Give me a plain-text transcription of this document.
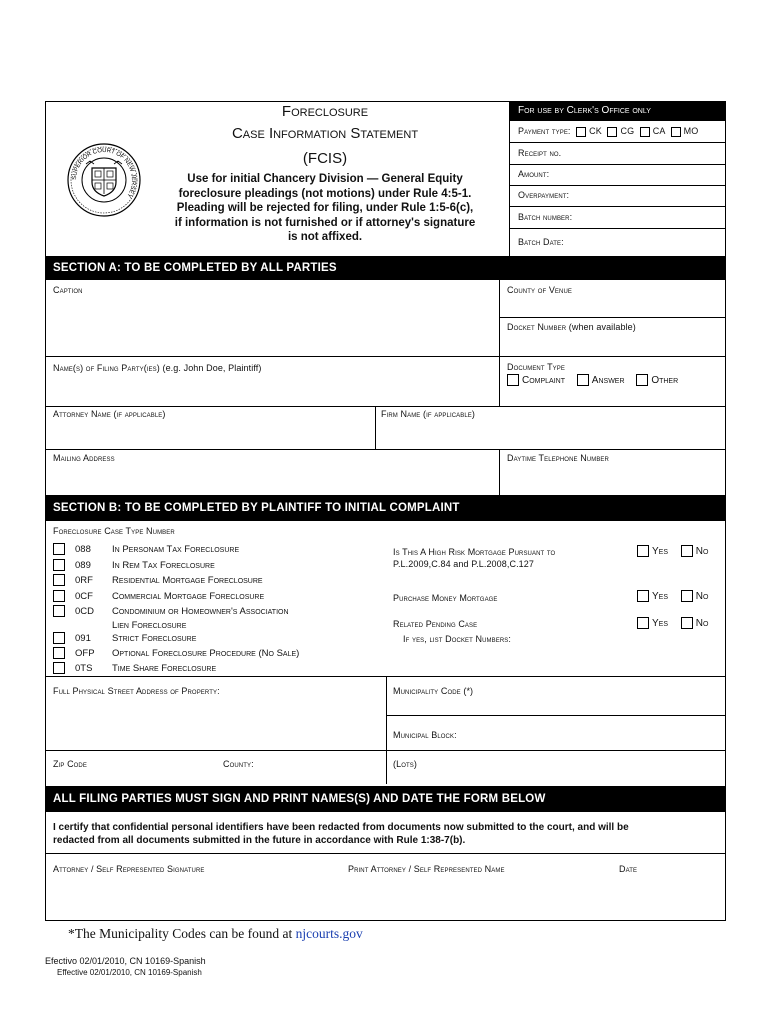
SUPERIOR COURT OF NEW JERSEY
Foreclosure
Case Information Statement
(FCIS)
Use for initial Chancery Division — General Equity
foreclosure pleadings (not motions) under Rule 4:5-1.
Pleading will be rejected for filing, under Rule 1:5-6(c),
if information is not furnished or if attorney's signature
is not affixed.
For use by Clerk's Office only
Payment type: CK CG CA MO
Receipt no.
Amount:
Overpayment:
Batch number:
Batch Date:
SECTION A: TO BE COMPLETED BY ALL PARTIES
Caption	County of Venue
Docket Number (when available)
Name(s) of Filing Party(ies) (e.g. John Doe, Plaintiff)	Document Type
Complaint	Answer	Other
Attorney Name (if applicable)	Firm Name (if applicable)
Mailing Address	Daytime Telephone Number
SECTION B: TO BE COMPLETED BY PLAINTIFF TO INITIAL COMPLAINT
Foreclosure Case Type Number
088	In Personam Tax Foreclosure
089	In Rem Tax Foreclosure
0RF	Residential Mortgage Foreclosure
0CF	Commercial Mortgage Foreclosure
0CD	Condominium or Homeowner's Association
Lien Foreclosure
091	Strict Foreclosure
OFP	Optional Foreclosure Procedure (No Sale)
0TS	Time Share Foreclosure
Is This A High Risk Mortgage Pursuant to
P.L.2009,C.84 and P.L.2008,C.127
Yes	No
Purchase Money Mortgage	Yes	No
Related Pending Case	Yes	No
If yes, list Docket Numbers:
Full Physical Street Address of Property:	Municipality Code (*)
Municipal Block:
Zip Code	County:	(Lots)
ALL FILING PARTIES MUST SIGN AND PRINT NAMES(S) AND DATE THE FORM BELOW
I certify that confidential personal identifiers have been redacted from documents now submitted to the court, and will be
redacted from all documents submitted in the future in accordance with Rule 1:38-7(b).
Attorney / Self Represented Signature	Print Attorney / Self Represented Name	Date
*The Municipality Codes can be found at njcourts.gov
Efectivo 02/01/2010, CN 10169-Spanish
Effective 02/01/2010, CN 10169-Spanish
